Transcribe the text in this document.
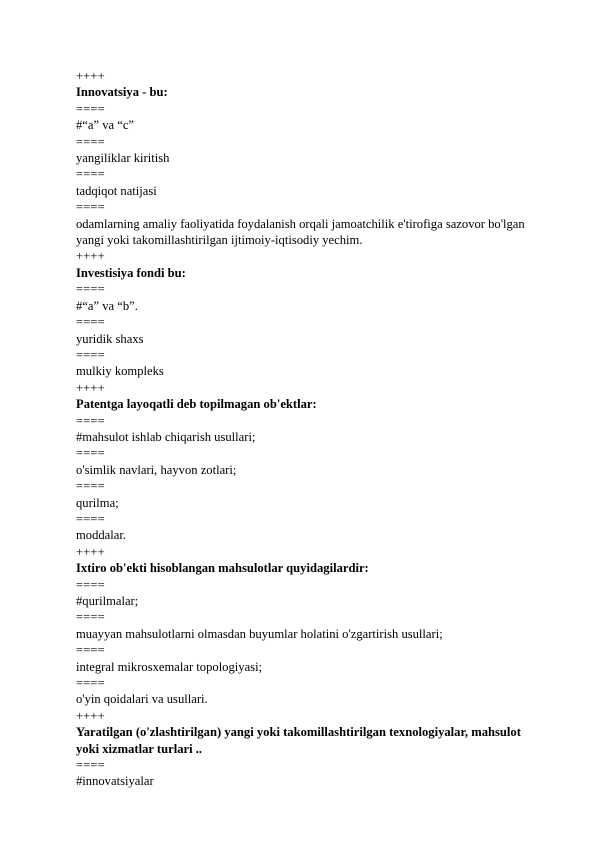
++++

Innovatsiya - bu:

====

#“a” va “c”

====

yangiliklar kiritish

====

tadqiqot natijasi

====

odamlarning amaliy faoliyatida foydalanish orqali jamoatchilik e'tirofiga sazovor bo'lgan yangi yoki takomillashtirilgan ijtimoiy-iqtisodiy yechim.

++++

Investisiya fondi bu:

====

#“a” va “b”.

====

yuridik shaxs

====

mulkiy kompleks

++++

Patentga layoqatli deb topilmagan ob'ektlar:

====

#mahsulot ishlab chiqarish usullari;

====

o'simlik navlari, hayvon zotlari;

====

qurilma;

====

moddalar.

++++

Ixtiro ob'ekti hisoblangan mahsulotlar quyidagilardir:

====

#qurilmalar;

====

muayyan mahsulotlarni olmasdan buyumlar holatini o'zgartirish usullari;

====

integral mikrosxemalar topologiyasi;

====

o'yin qoidalari va usullari.

++++

Yaratilgan (o'zlashtirilgan) yangi yoki takomillashtirilgan texnologiyalar, mahsulot yoki xizmatlar turlari ..

====

#innovatsiyalar
